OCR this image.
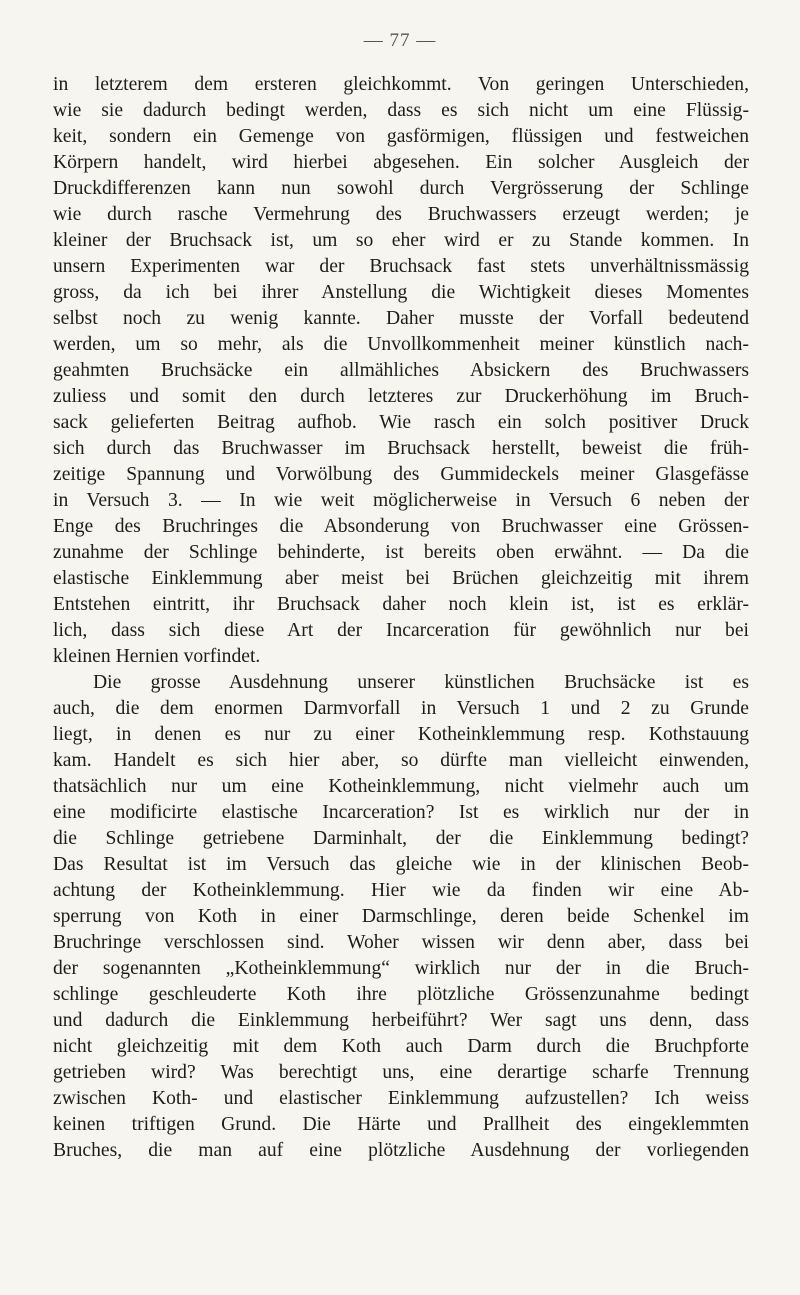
— 77 —
in letzterem dem ersteren gleichkommt. Von geringen Unterschieden,
wie sie dadurch bedingt werden, dass es sich nicht um eine Flüssig-
keit, sondern ein Gemenge von gasförmigen, flüssigen und festweichen
Körpern handelt, wird hierbei abgesehen. Ein solcher Ausgleich der
Druckdifferenzen kann nun sowohl durch Vergrösserung der Schlinge
wie durch rasche Vermehrung des Bruchwassers erzeugt werden; je
kleiner der Bruchsack ist, um so eher wird er zu Stande kommen. In
unsern Experimenten war der Bruchsack fast stets unverhältnissmässig
gross, da ich bei ihrer Anstellung die Wichtigkeit dieses Momentes
selbst noch zu wenig kannte. Daher musste der Vorfall bedeutend
werden, um so mehr, als die Unvollkommenheit meiner künstlich nach-
geahmten Bruchsäcke ein allmähliches Absickern des Bruchwassers
zuliess und somit den durch letzteres zur Druckerhöhung im Bruch-
sack gelieferten Beitrag aufhob. Wie rasch ein solch positiver Druck
sich durch das Bruchwasser im Bruchsack herstellt, beweist die früh-
zeitige Spannung und Vorwölbung des Gummideckels meiner Glasgefässe
in Versuch 3. — In wie weit möglicherweise in Versuch 6 neben der
Enge des Bruchringes die Absonderung von Bruchwasser eine Grössen-
zunahme der Schlinge behinderte, ist bereits oben erwähnt. — Da die
elastische Einklemmung aber meist bei Brüchen gleichzeitig mit ihrem
Entstehen eintritt, ihr Bruchsack daher noch klein ist, ist es erklär-
lich, dass sich diese Art der Incarceration für gewöhnlich nur bei
kleinen Hernien vorfindet.
Die grosse Ausdehnung unserer künstlichen Bruchsäcke ist es
auch, die dem enormen Darmvorfall in Versuch 1 und 2 zu Grunde
liegt, in denen es nur zu einer Kotheinklemmung resp. Kothstauung
kam. Handelt es sich hier aber, so dürfte man vielleicht einwenden,
thatsächlich nur um eine Kotheinklemmung, nicht vielmehr auch um
eine modificirte elastische Incarceration? Ist es wirklich nur der in
die Schlinge getriebene Darminhalt, der die Einklemmung bedingt?
Das Resultat ist im Versuch das gleiche wie in der klinischen Beob-
achtung der Kotheinklemmung. Hier wie da finden wir eine Ab-
sperrung von Koth in einer Darmschlinge, deren beide Schenkel im
Bruchringe verschlossen sind. Woher wissen wir denn aber, dass bei
der sogenannten „Kotheinklemmung“ wirklich nur der in die Bruch-
schlinge geschleuderte Koth ihre plötzliche Grössenzunahme bedingt
und dadurch die Einklemmung herbeiführt? Wer sagt uns denn, dass
nicht gleichzeitig mit dem Koth auch Darm durch die Bruchpforte
getrieben wird? Was berechtigt uns, eine derartige scharfe Trennung
zwischen Koth- und elastischer Einklemmung aufzustellen? Ich weiss
keinen triftigen Grund. Die Härte und Prallheit des eingeklemmten
Bruches, die man auf eine plötzliche Ausdehnung der vorliegenden
